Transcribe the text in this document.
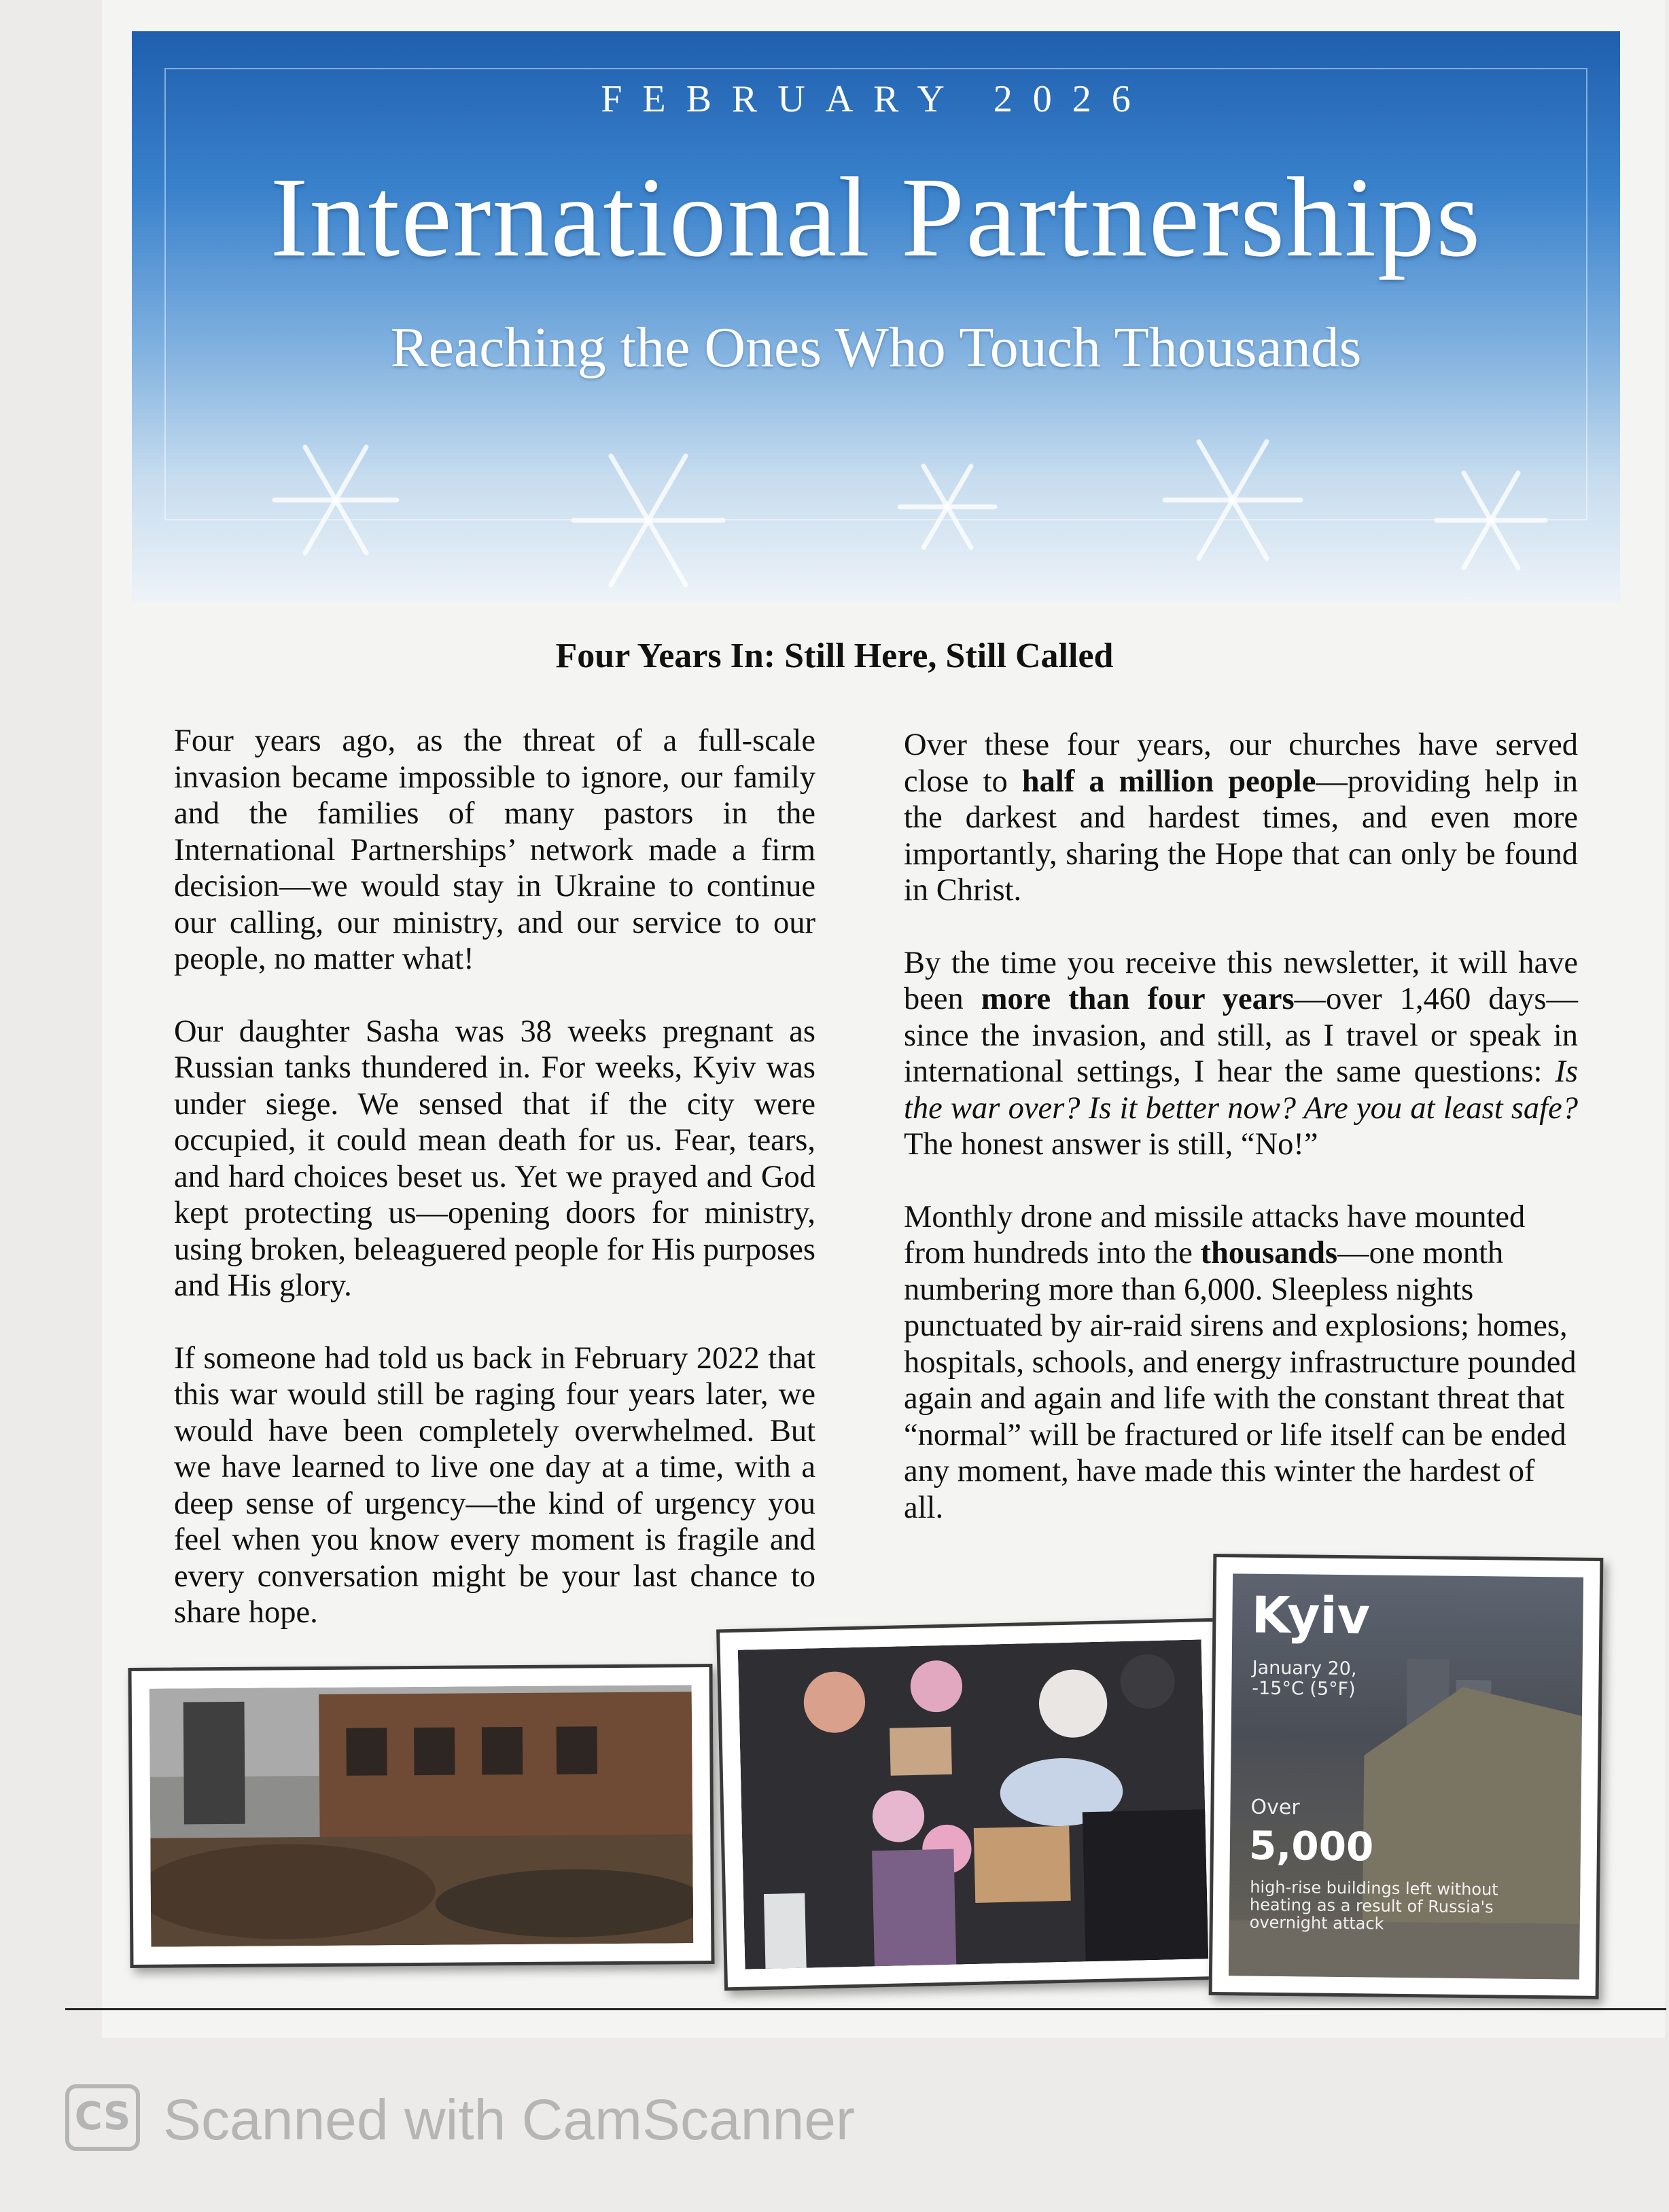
FEBRUARY 2026
International Partnerships
Reaching the Ones Who Touch Thousands
Four Years In: Still Here, Still Called

Four years ago, as the threat of a full-scale invasion became impossible to ignore, our family and the families of many pastors in the International Partnerships’ network made a firm decision—we would stay in Ukraine to continue our calling, our ministry, and our service to our people, no matter what!

Our daughter Sasha was 38 weeks pregnant as Russian tanks thundered in. For weeks, Kyiv was under siege. We sensed that if the city were occupied, it could mean death for us. Fear, tears, and hard choices beset us. Yet we prayed and God kept protecting us—opening doors for ministry, using broken, beleaguered people for His purposes and His glory.

If someone had told us back in February 2022 that this war would still be raging four years later, we would have been completely overwhelmed. But we have learned to live one day at a time, with a deep sense of urgency—the kind of urgency you feel when you know every moment is fragile and every conversation might be your last chance to share hope.

Over these four years, our churches have served close to half a million people—providing help in the darkest and hardest times, and even more importantly, sharing the Hope that can only be found in Christ.

By the time you receive this newsletter, it will have been more than four years—over 1,460 days—since the invasion, and still, as I travel or speak in international settings, I hear the same questions: Is the war over? Is it better now? Are you at least safe? The honest answer is still, “No!”

Monthly drone and missile attacks have mounted from hundreds into the thousands—one month numbering more than 6,000. Sleepless nights punctuated by air-raid sirens and explosions; homes, hospitals, schools, and energy infrastructure pounded again and again and life with the constant threat that “normal” will be fractured or life itself can be ended any moment, have made this winter the hardest of all.

Kyiv
January 20,
-15°C (5°F)
Over
5,000
high-rise buildings left without heating as a result of Russia's overnight attack
CS Scanned with CamScanner
